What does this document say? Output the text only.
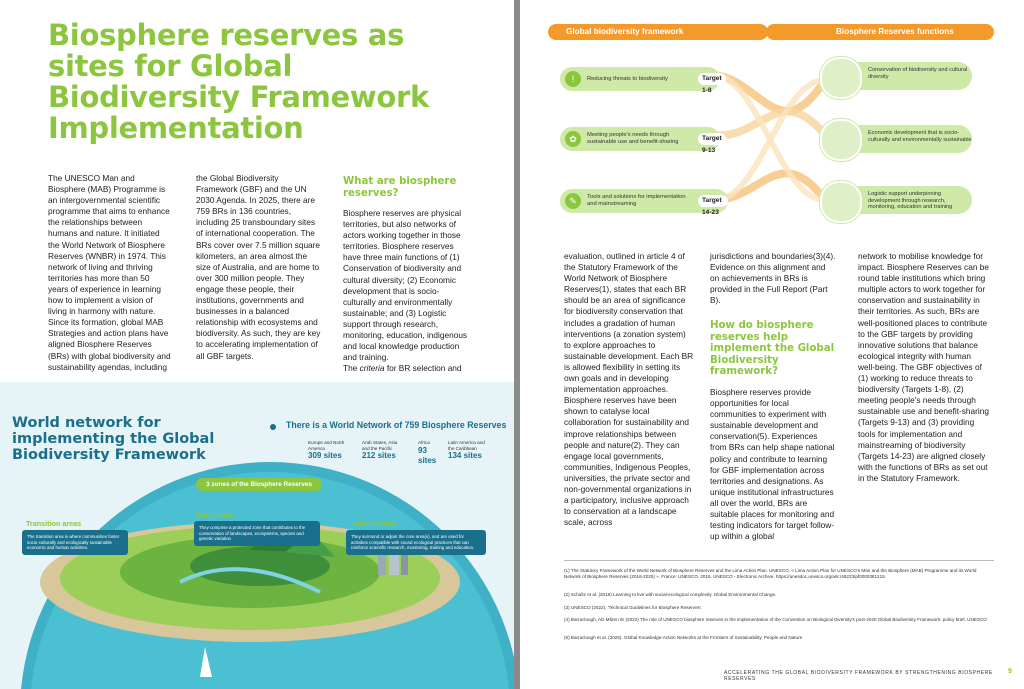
Biosphere reserves as sites for Global Biodiversity Framework Implementation

The UNESCO Man and Biosphere (MAB) Programme is an intergovernmental scientific programme that aims to enhance the relationships between humans and nature. It initiated the World Network of Biosphere Reserves (WNBR) in 1974. This network of living and thriving territories has more than 50 years of experience in learning how to implement a vision of living in harmony with nature. Since its formation, global MAB Strategies and action plans have aligned Biosphere Reserves (BRs) with global biodiversity and sustainability agendas, including

the Global Biodiversity Framework (GBF) and the UN 2030 Agenda. In 2025, there are 759 BRs in 136 countries, including 25 transboundary sites of international cooperation. The BRs cover over 7.5 million square kilometers, an area almost the size of Australia, and are home to over 300 million people. They engage these people, their institutions, governments and businesses in a balanced relationship with ecosystems and biodiversity. As such, they are key to accelerating implementation of all GBF targets.

What are biosphere reserves?

Biosphere reserves are physical territories, but also networks of actors working together in those territories. Biosphere reserves have three main functions of (1) Conservation of biodiversity and cultural diversity; (2) Economic development that is socio-culturally and environmentally sustainable; and (3) Logistic support through research, monitoring, education, indigenous and local knowledge production and training.

The criteria for BR selection and

World network for implementing the Global Biodiversity Framework
There is a World Network of 759 Biosphere Reserves
Europe and North America
309 sites
Arab States, Asia and the Pacific
212 sites
Africa
93 sites
Latin America and the Caribbean
134 sites
3 zones of the Biosphere Reserves
Transition areas
The transition area is where communities foster socio-culturally and ecologically sustainable economic and human activities.
Core areas
They comprise a protected zone that contributes to the conservation of landscapes, ecosystems, species and genetic variation
Buffer zones
They surround or adjoin the core area(s), and are used for activities compatible with sound ecological practices that can reinforce scientific research, monitoring, training and education.
Global biodiversity framework	Biosphere Reserves functions
!	Reducing threats to biodiversity	Target 1-8
✿	Meeting people's needs through sustainable use and benefit-sharing	Target 9-13
✎	Tools and solutions for implementation and mainstreaming	Target 14-23
Conservation of biodiversity and cultural diversity
Economic development that is socio-culturally and environmentally sustainable
Logistic support underpinning development through research, monitoring, education and training

evaluation, outlined in article 4 of the Statutory Framework of the World Network of Biosphere Reserves(1), states that each BR should be an area of significance for biodiversity conservation that includes a gradation of human interventions (a zonation system) to explore approaches to sustainable development. Each BR is allowed flexibility in setting its own goals and in developing implementation approaches. Biosphere reserves have been shown to catalyse local collaboration for sustainability and improve relationships between people and nature(2). They can engage local governments, communities, Indigenous Peoples, universities, the private sector and non-governmental organizations in a participatory, inclusive approach to conservation at a landscape scale, across

jurisdictions and boundaries(3)(4). Evidence on this alignment and on achievements in BRs is provided in the Full Report (Part B).

How do biosphere reserves help implement the Global Biodiversity framework?

Biosphere reserves provide opportunities for local communities to experiment with sustainable development and conservation(5). Experiences from BRs can help shape national policy and contribute to learning for GBF implementation across territories and designations. As unique institutional infrastructures all over the world, BRs are suitable places for monitoring and testing indicators for target follow-up within a global

network to mobilise knowledge for impact. Biosphere Reserves can be round table institutions which bring multiple actors to work together for conservation and sustainability in their territories. As such, BRs are well-positioned places to contribute to the GBF targets by providing innovative solutions that balance ecological integrity with human well-being. The GBF objectives of (1) working to reduce threats to biodiversity (Targets 1-8), (2) meeting people's needs through sustainable use and benefit-sharing (Targets 9-13) and (3) providing tools for implementation and mainstreaming of biodiversity (Targets 14-23) are aligned closely with the functions of BRs as set out in the Statutory Framework.

(1) The Statutory Framework of the World Network of Biosphere Reserves and the Lima Action Plan. UNESCO. « Lima Action Plan for UNESCO's Man and the Biosphere (MAB) Programme and its World Network of Biosphere Reserves (2016-2025) ». France: UNESCO, 2016. UNESCO - Electronic Archive. https://unesdoc.unesco.org/ark:/48223/pf0000381215.
(2) Schultz et al. (2018) Learning to live with social-ecological complexity. Global Environmental Change.
(3) UNESCO (2022). 'Technical Guidelines for Biosphere Reserves'.
(4) Barraclough, AD Måren IE (2022) The role of UNESCO biosphere reserves in the implementation of the Convention on Biological Diversity's post-2020 Global Biodiversity Framework: policy brief. UNESCO
(5) Barraclough et al. (2025). Global Knowledge-Action Networks at the Frontiers of Sustainability. People and Nature
ACCELERATING THE GLOBAL BIODIVERSITY FRAMEWORK BY STRENGTHENING BIOSPHERE RESERVES
9
